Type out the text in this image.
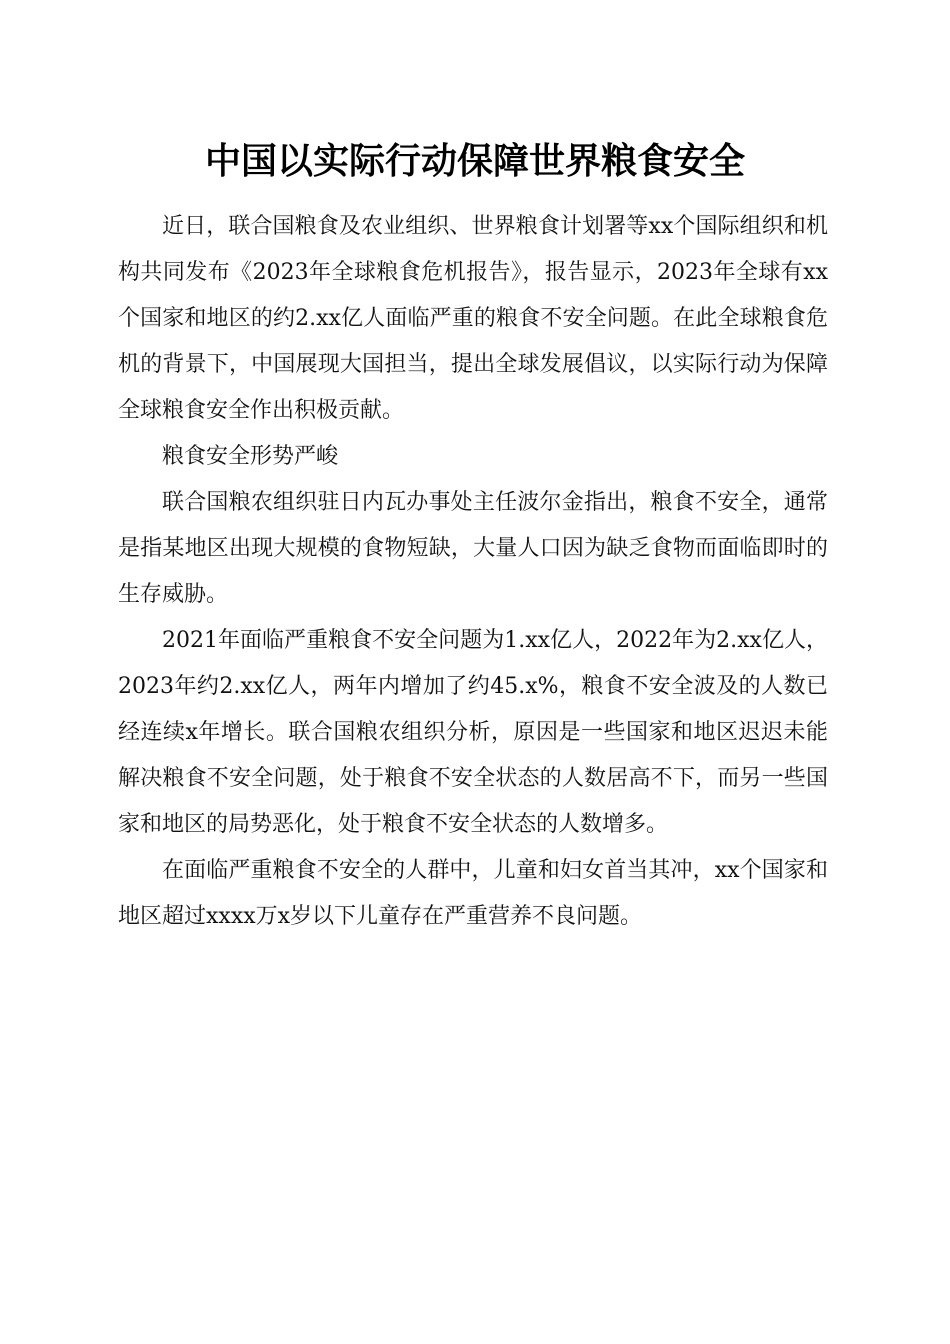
中国以实际行动保障世界粮食安全

近日，联合国粮食及农业组织、世界粮食计划署等xx个国际组织和机构共同发布《2023年全球粮食危机报告》，报告显示，2023年全球有xx个国家和地区的约2.xx亿人面临严重的粮食不安全问题。在此全球粮食危机的背景下，中国展现大国担当，提出全球发展倡议，以实际行动为保障全球粮食安全作出积极贡献。

粮食安全形势严峻

联合国粮农组织驻日内瓦办事处主任波尔金指出，粮食不安全，通常是指某地区出现大规模的食物短缺，大量人口因为缺乏食物而面临即时的生存威胁。

2021年面临严重粮食不安全问题为1.xx亿人，2022年为2.xx亿人，2023年约2.xx亿人，两年内增加了约45.x%，粮食不安全波及的人数已经连续x年增长。联合国粮农组织分析，原因是一些国家和地区迟迟未能解决粮食不安全问题，处于粮食不安全状态的人数居高不下，而另一些国家和地区的局势恶化，处于粮食不安全状态的人数增多。

在面临严重粮食不安全的人群中，儿童和妇女首当其冲，xx个国家和地区超过xxxx万x岁以下儿童存在严重营养不良问题。
